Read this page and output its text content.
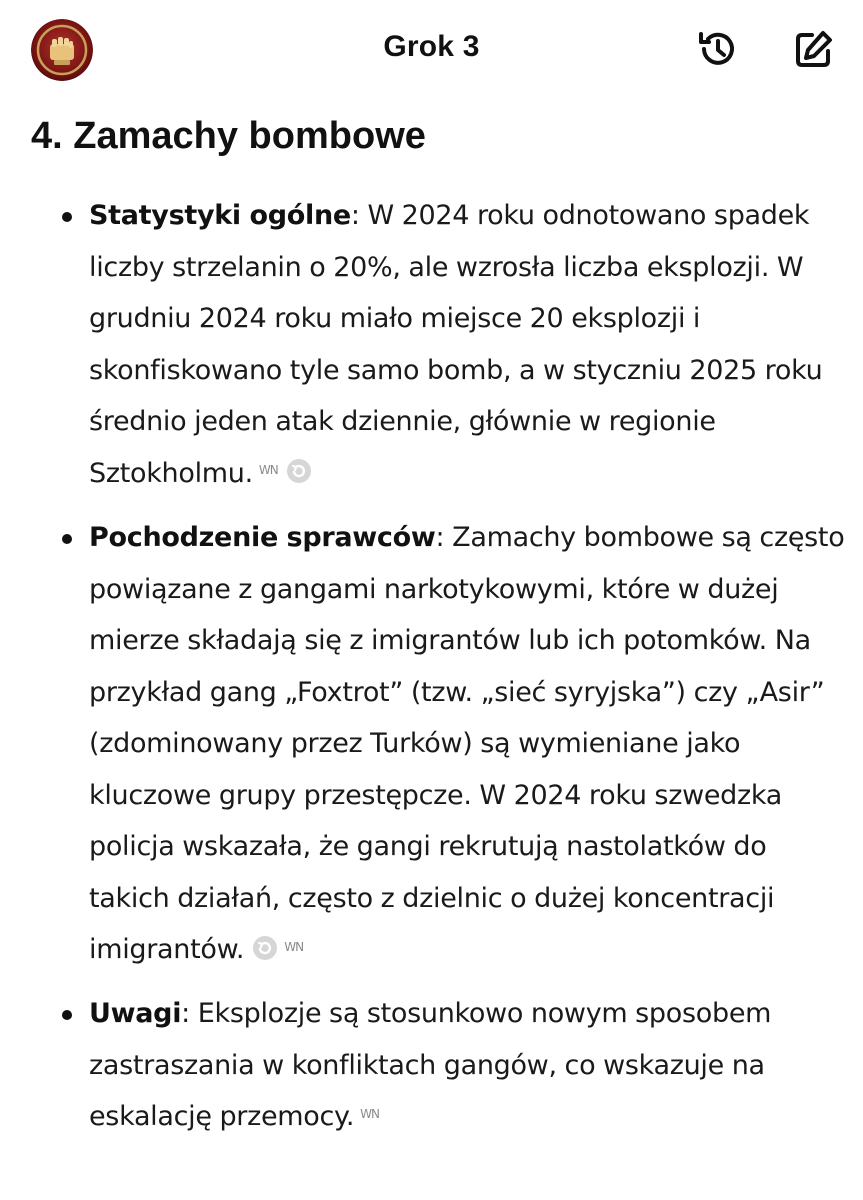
Grok 3
4. Zamachy bombowe
Statystyki ogólne: W 2024 roku odnotowano spadek liczby strzelanin o 20%, ale wzrosła liczba eksplozji. W grudniu 2024 roku miało miejsce 20 eksplozji i skonfiskowano tyle samo bomb, a w styczniu 2025 roku średnio jeden atak dziennie, głównie w regionie Sztokholmu. WN
Pochodzenie sprawców: Zamachy bombowe są często powiązane z gangami narkotykowymi, które w dużej mierze składają się z imigrantów lub ich potomków. Na przykład gang „Foxtrot” (tzw. „sieć syryjska”) czy „Asir” (zdominowany przez Turków) są wymieniane jako kluczowe grupy przestępcze. W 2024 roku szwedzka policja wskazała, że gangi rekrutują nastolatków do takich działań, często z dzielnic o dużej koncentracji imigrantów.	WN
Uwagi: Eksplozje są stosunkowo nowym sposobem zastraszania w konfliktach gangów, co wskazuje na eskalację przemocy. WN
